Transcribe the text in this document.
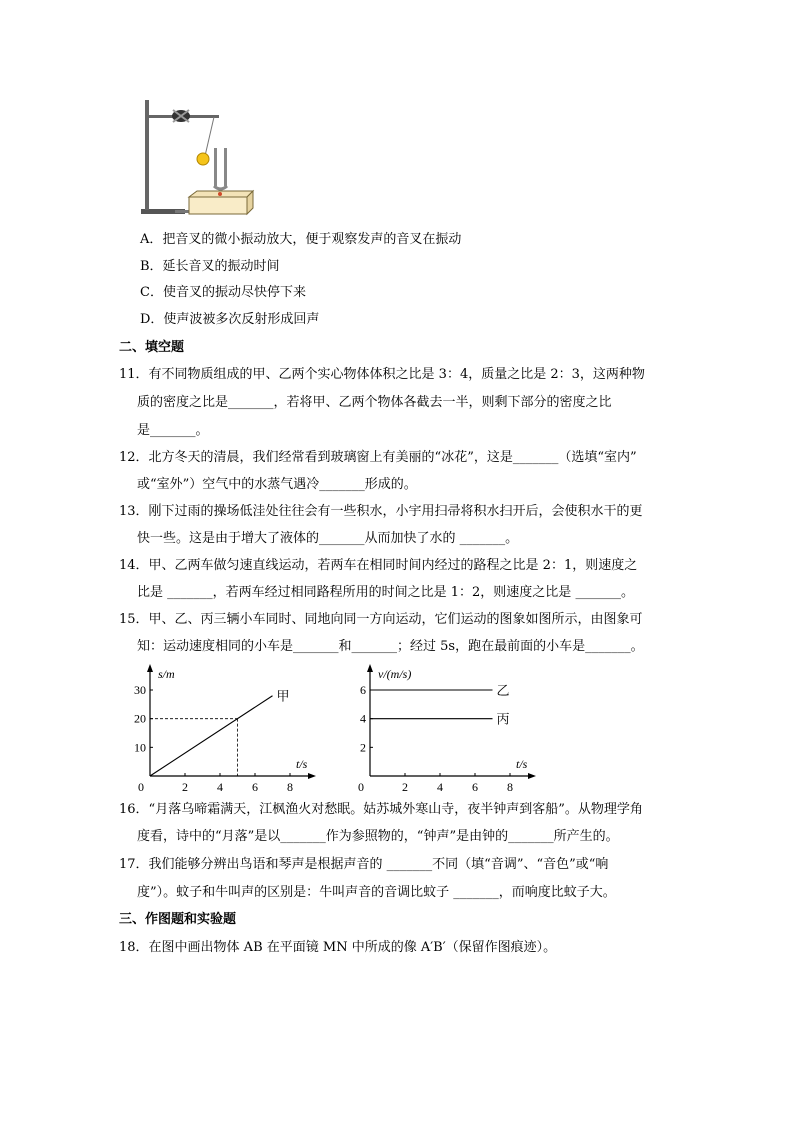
A．把音叉的微小振动放大，便于观察发声的音叉在振动
B．延长音叉的振动时间
C．使音叉的振动尽快停下来
D．使声波被多次反射形成回声
二、填空题
11．有不同物质组成的甲、乙两个实心物体体积之比是 3：4，质量之比是 2：3，这两种物
质的密度之比是_______，若将甲、乙两个物体各截去一半，则剩下部分的密度之比
是_______。
12．北方冬天的清晨，我们经常看到玻璃窗上有美丽的“冰花”，这是_______（选填“室内”
或“室外”）空气中的水蒸气遇冷_______形成的。
13．刚下过雨的操场低洼处往往会有一些积水，小宇用扫帚将积水扫开后，会使积水干的更
快一些。这是由于增大了液体的_______从而加快了水的 _______。
14．甲、乙两车做匀速直线运动，若两车在相同时间内经过的路程之比是 2：1，则速度之
比是 _______，若两车经过相同路程所用的时间之比是 1：2，则速度之比是 _______。
15．甲、乙、丙三辆小车同时、同地向同一方向运动，它们运动的图象如图所示，由图象可
知：运动速度相同的小车是_______和_______；经过 5s，跑在最前面的小车是_______。
s/m
t/s
0	2 4 6 8
10
20
30	甲
v/(m/s)
t/s
0	2 4 6 8
2
4
6	乙
丙
16．“月落乌啼霜满天，江枫渔火对愁眠。姑苏城外寒山寺，夜半钟声到客船”。从物理学角
度看，诗中的“月落”是以_______作为参照物的，“钟声”是由钟的_______所产生的。
17．我们能够分辨出鸟语和琴声是根据声音的 _______不同（填“音调”、“音色”或“响
度”）。蚊子和牛叫声的区别是：牛叫声音的音调比蚊子 _______，而响度比蚊子大。
三、作图题和实验题
18．在图中画出物体 AB 在平面镜 MN 中所成的像 A′B′（保留作图痕迹）。
